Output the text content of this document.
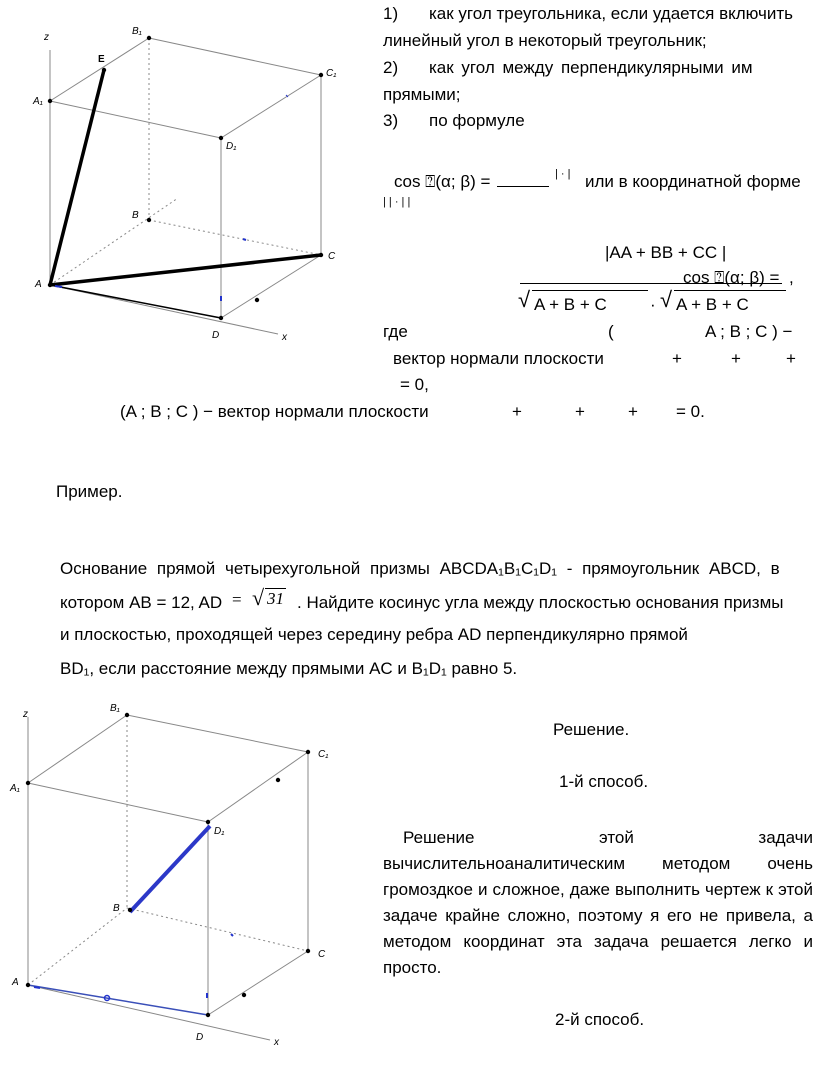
z
x
A₁
B₁
C₁
D₁
B
C
D
A
E
1) как угол треугольника, если удается включить
линейный угол в некоторый треугольник;
2) как угол между перпендикулярными им
прямыми;
3) по формуле
cos ⍰(α; β) =	| · | или в координатной форме
| | · | |
|AA + BB + CC |
cos ⍰(α; β) = ,
√ A + B + C	· √ A + B + C
где	(	A ; B ; C ) −
вектор нормали плоскости	+	+	+
= 0,
(A ; B ; C ) − вектор нормали плоскости	+	+	+ = 0.
Пример.
Основание прямой четырехугольной призмы ABCDA₁B₁C₁D₁ - прямоугольник ABCD, в
котором AB = 12, AD = √ 31 . Найдите косинус угла между плоскостью основания призмы
и плоскостью, проходящей через середину ребра AD перпендикулярно прямой
BD₁, если расстояние между прямыми AC и B₁D₁ равно 5.
z
x
A₁
B₁
C₁
D₁
B
C
D
A
Решение.
1-й способ.
Решение этой задачи вычислительноаналитическим методом очень громоздкое и сложное, даже выполнить чертеж к этой задаче крайне сложно, поэтому я его не привела, а методом координат эта задача решается легко и просто.
2-й способ.
